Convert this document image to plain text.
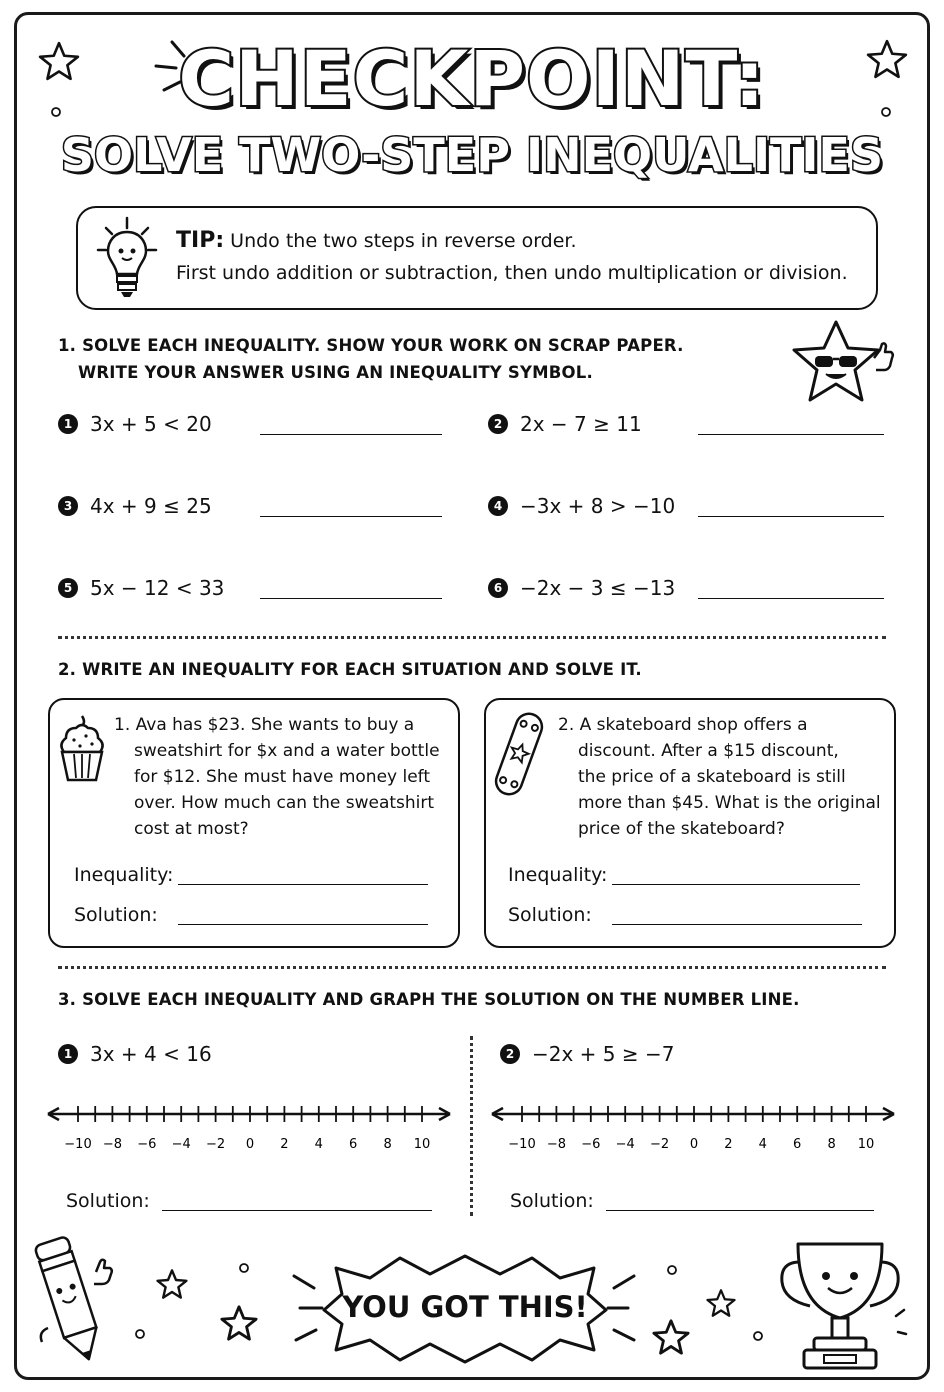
CHECKPOINT:
SOLVE TWO-STEP INEQUALITIES
TIP: Undo the two steps in reverse order.
First undo addition or subtraction, then undo multiplication or division.
1. SOLVE EACH INEQUALITY. SHOW YOUR WORK ON SCRAP PAPER.
WRITE YOUR ANSWER USING AN INEQUALITY SYMBOL.
1 3x + 5 < 20	2 2x − 7 ≥ 11
3 4x + 9 ≤ 25	4 −3x + 8 > −10
5 5x − 12 < 33	6 −2x − 3 ≤ −13
2. WRITE AN INEQUALITY FOR EACH SITUATION AND SOLVE IT.
1. Ava has $23. She wants to buy a
sweatshirt for $x and a water bottle
for $12. She must have money left
over. How much can the sweatshirt
cost at most?
Inequality:
Solution:
2. A skateboard shop offers a
discount. After a $15 discount,
the price of a skateboard is still
more than $45. What is the original
price of the skateboard?
Inequality:
Solution:
3. SOLVE EACH INEQUALITY AND GRAPH THE SOLUTION ON THE NUMBER LINE.
1 3x + 4 < 16	2 −2x + 5 ≥ −7
−10 −8 −6 −4 −2 0 2 4 6 8 10	−10 −8 −6 −4 −2 0 2 4 6 8 10
Solution:	Solution:
YOU GOT THIS!
